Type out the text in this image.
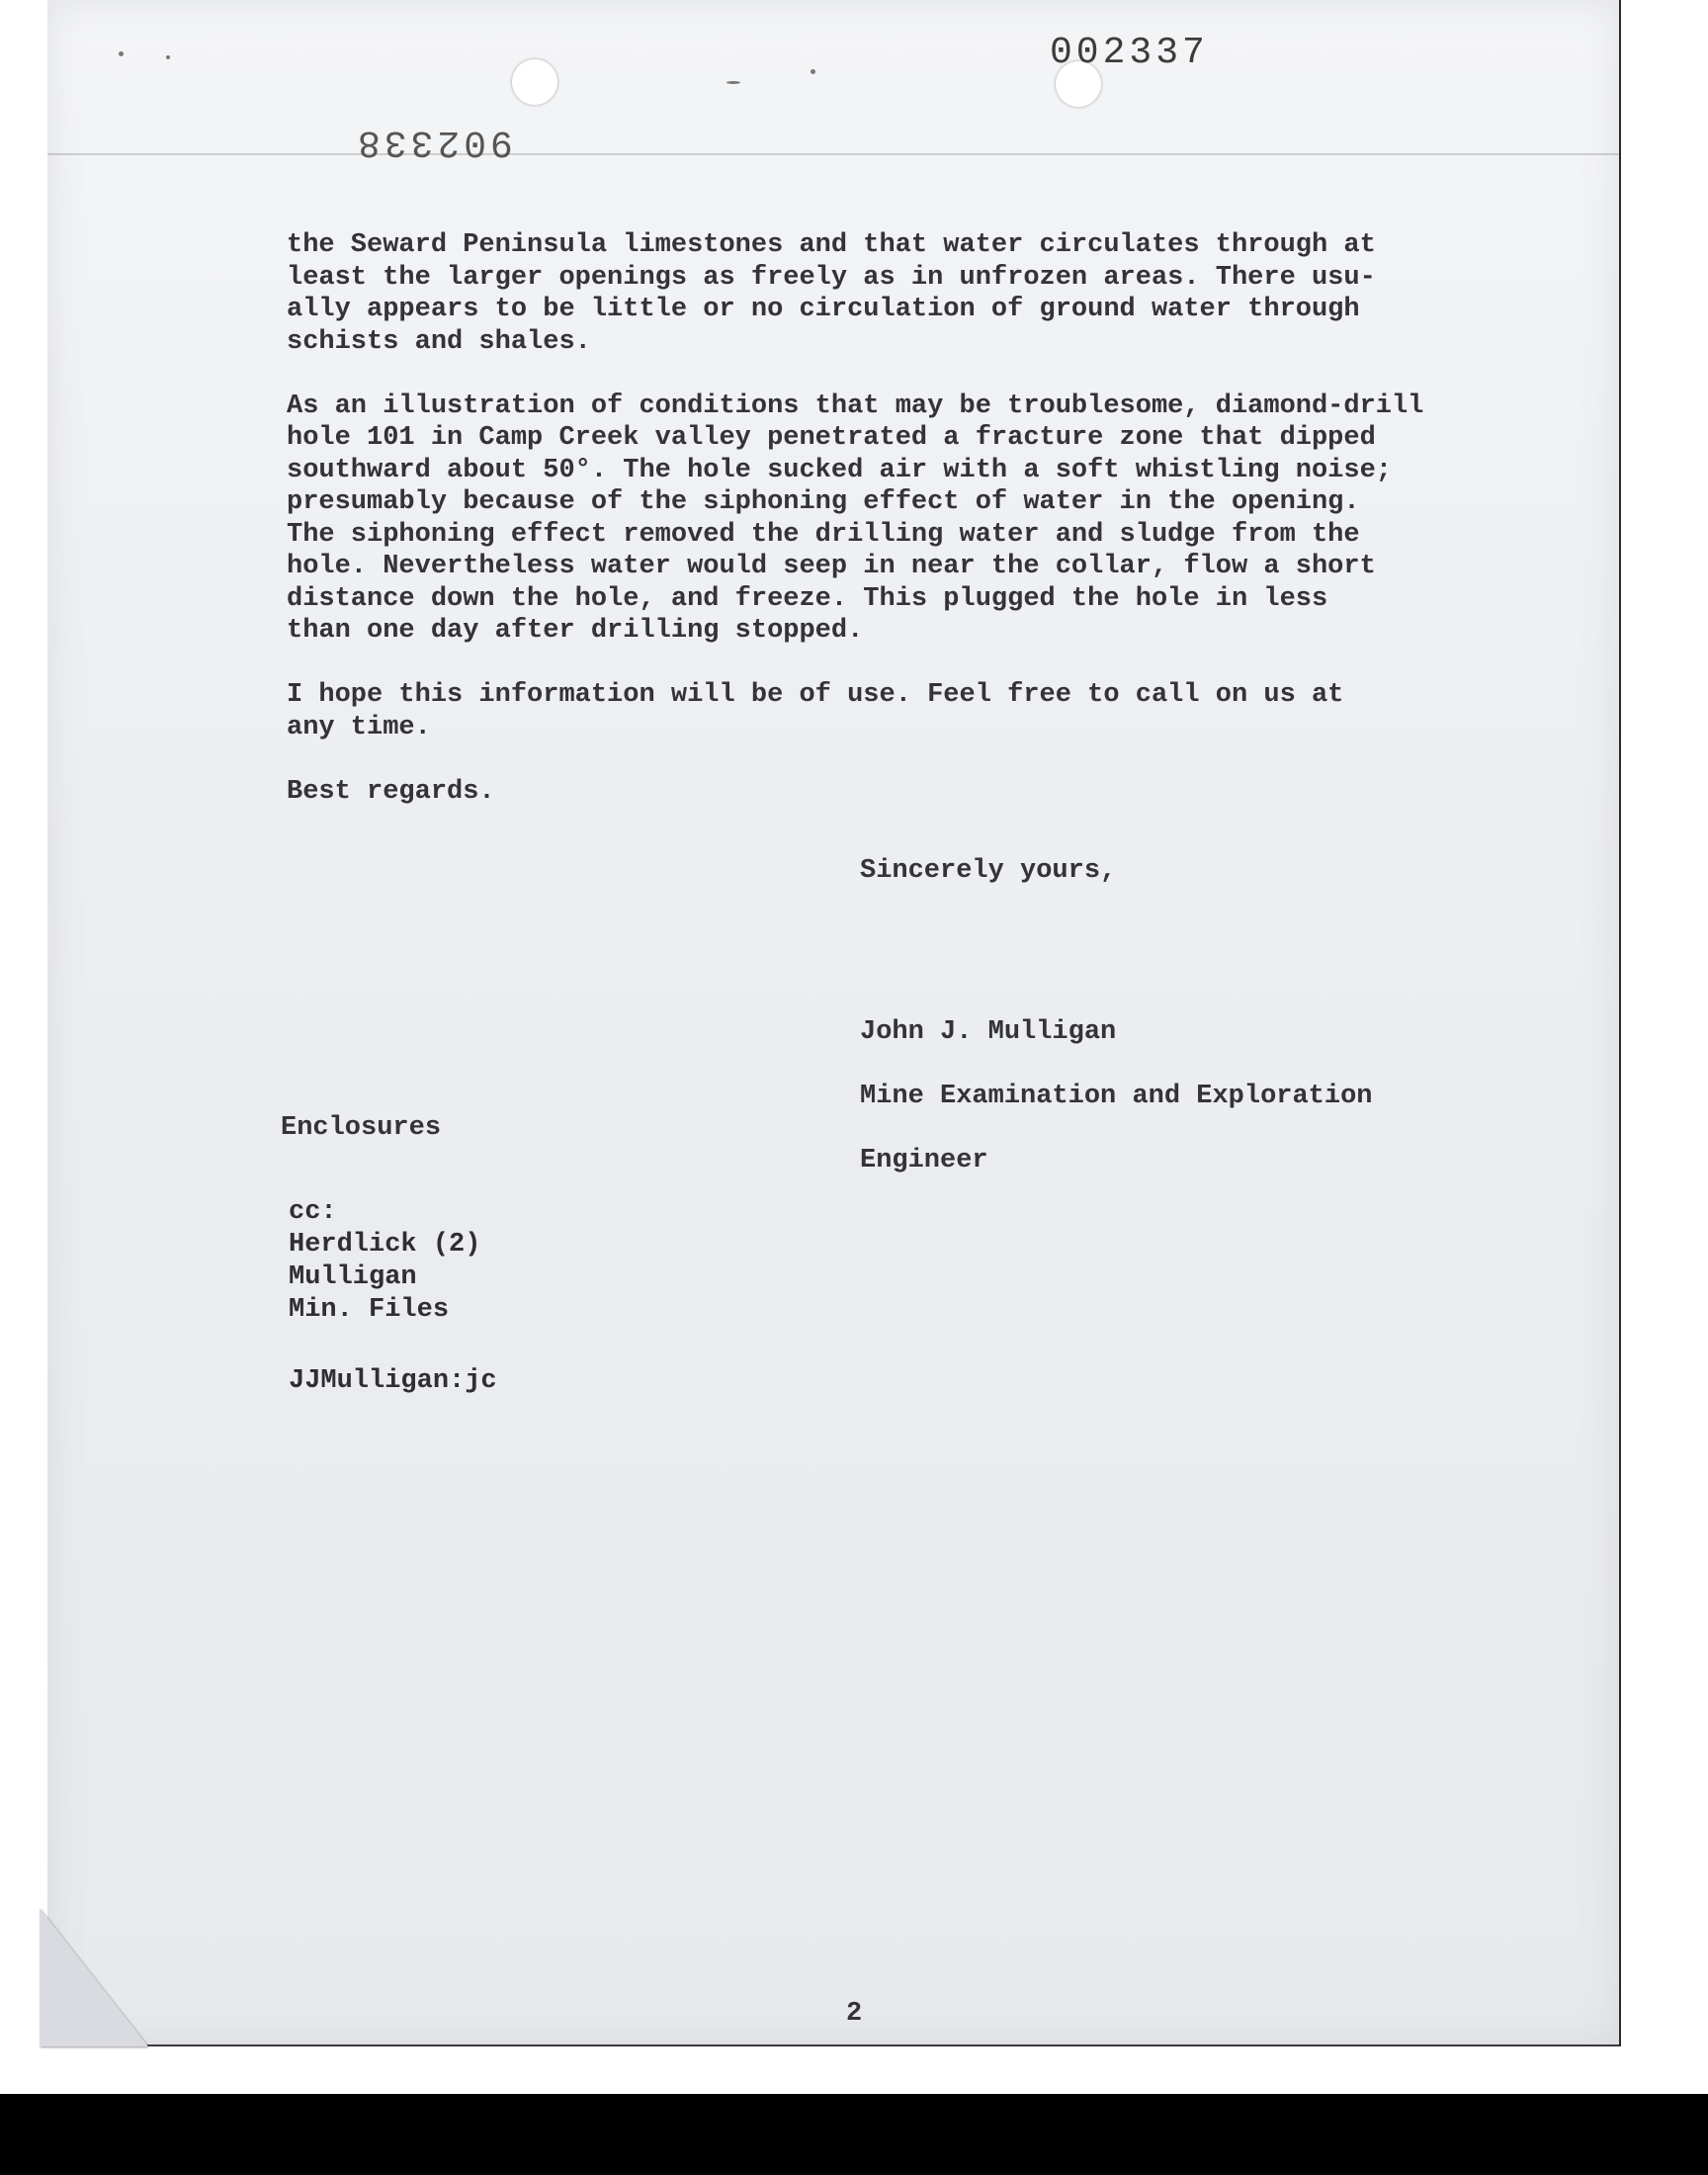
002337
902338

the Seward Peninsula limestones and that water circulates through at
least the larger openings as freely as in unfrozen areas. There usu-
ally appears to be little or no circulation of ground water through
schists and shales.

As an illustration of conditions that may be troublesome, diamond-drill
hole 101 in Camp Creek valley penetrated a fracture zone that dipped
southward about 50°. The hole sucked air with a soft whistling noise;
presumably because of the siphoning effect of water in the opening.
The siphoning effect removed the drilling water and sludge from the
hole. Nevertheless water would seep in near the collar, flow a short
distance down the hole, and freeze. This plugged the hole in less
than one day after drilling stopped.

I hope this information will be of use. Feel free to call on us at
any time.

Best regards.

Sincerely yours,

John J. Mulligan

Mine Examination and Exploration

Engineer

Enclosures
cc:
Herdlick (2)
Mulligan
Min. Files
JJMulligan:jc
2
